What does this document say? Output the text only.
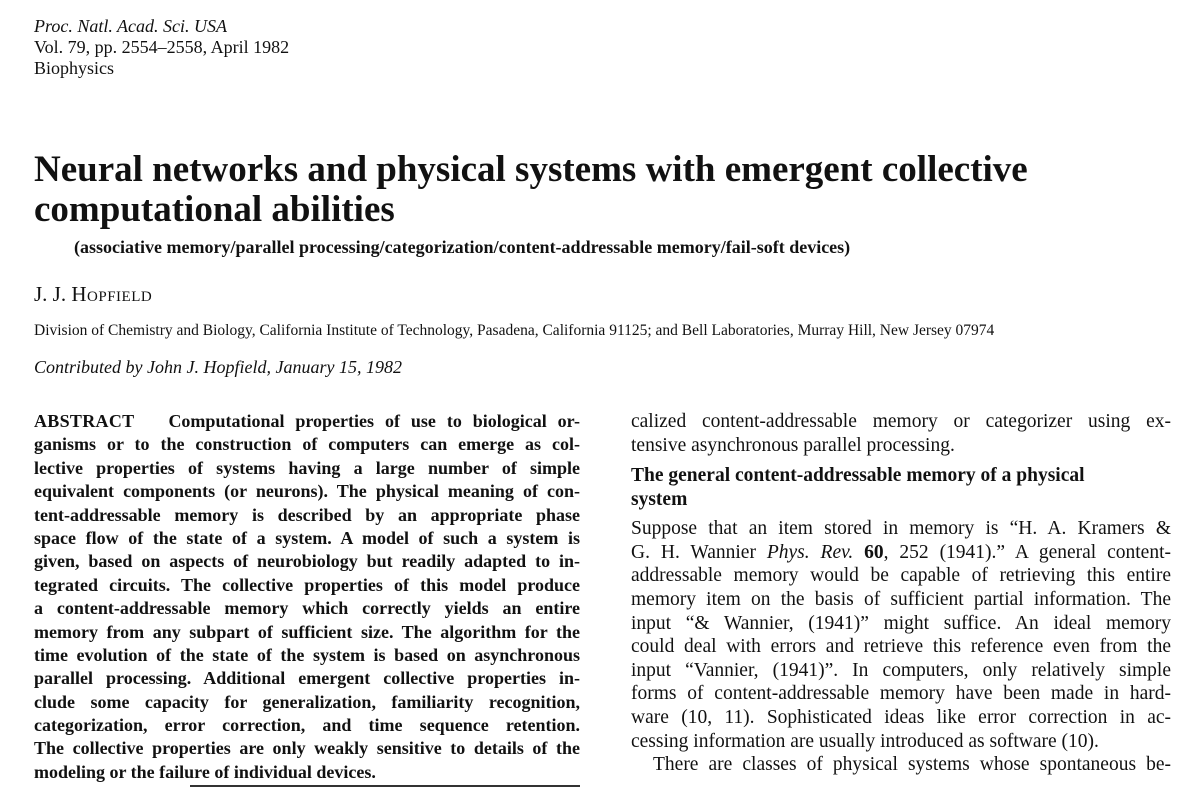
Proc. Natl. Acad. Sci. USA
Vol. 79, pp. 2554–2558, April 1982
Biophysics
Neural networks and physical systems with emergent collective computational abilities
(associative memory/parallel processing/categorization/content-addressable memory/fail-soft devices)
J. J. Hopfield
Division of Chemistry and Biology, California Institute of Technology, Pasadena, California 91125; and Bell Laboratories, Murray Hill, New Jersey 07974
Contributed by John J. Hopfield, January 15, 1982
ABSTRACT Computational properties of use to biological or-
ganisms or to the construction of computers can emerge as col-
lective properties of systems having a large number of simple
equivalent components (or neurons). The physical meaning of con-
tent-addressable memory is described by an appropriate phase
space flow of the state of a system. A model of such a system is
given, based on aspects of neurobiology but readily adapted to in-
tegrated circuits. The collective properties of this model produce
a content-addressable memory which correctly yields an entire
memory from any subpart of sufficient size. The algorithm for the
time evolution of the state of the system is based on asynchronous
parallel processing. Additional emergent collective properties in-
clude some capacity for generalization, familiarity recognition,
categorization, error correction, and time sequence retention.
The collective properties are only weakly sensitive to details of the
modeling or the failure of individual devices.
calized content-addressable memory or categorizer using ex-
tensive asynchronous parallel processing.
The general content-addressable memory of a physical
system
Suppose that an item stored in memory is “H. A. Kramers &
G. H. Wannier Phys. Rev. 60, 252 (1941).” A general content-
addressable memory would be capable of retrieving this entire
memory item on the basis of sufficient partial information. The
input “& Wannier, (1941)” might suffice. An ideal memory
could deal with errors and retrieve this reference even from the
input “Vannier, (1941)”. In computers, only relatively simple
forms of content-addressable memory have been made in hard-
ware (10, 11). Sophisticated ideas like error correction in ac-
cessing information are usually introduced as software (10).
There are classes of physical systems whose spontaneous be-
